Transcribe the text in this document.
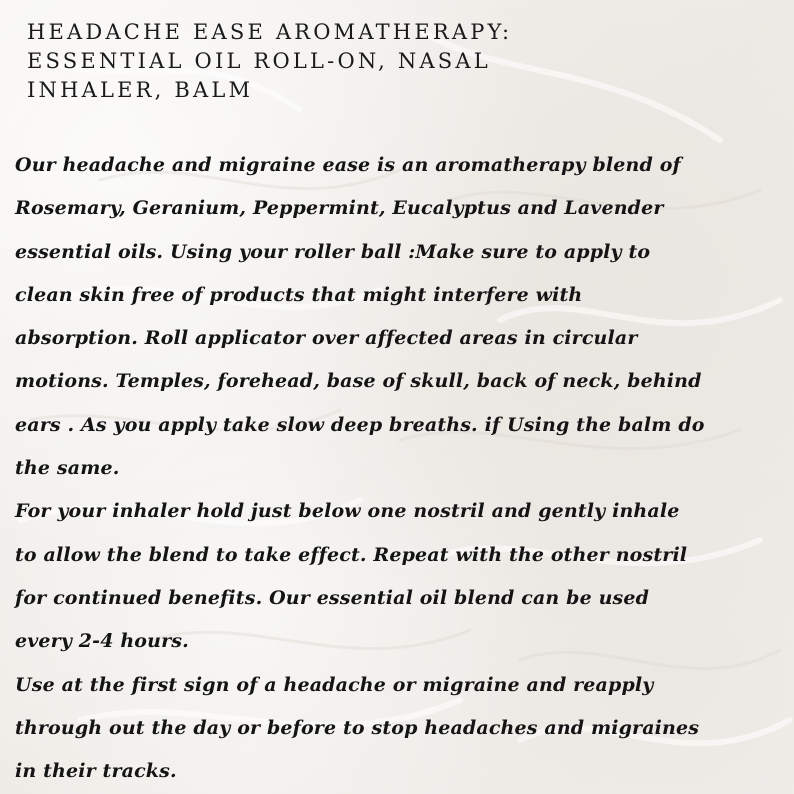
HEADACHE EASE AROMATHERAPY:
ESSENTIAL OIL ROLL-ON, NASAL
INHALER, BALM
Our headache and migraine ease is an aromatherapy blend of
Rosemary, Geranium, Peppermint, Eucalyptus and Lavender
essential oils. Using your roller ball :Make sure to apply to
clean skin free of products that might interfere with
absorption. Roll applicator over affected areas in circular
motions. Temples, forehead, base of skull, back of neck, behind
ears . As you apply take slow deep breaths. if Using the balm do
the same.
For your inhaler hold just below one nostril and gently inhale
to allow the blend to take effect. Repeat with the other nostril
for continued benefits. Our essential oil blend can be used
every 2-4 hours.
Use at the first sign of a headache or migraine and reapply
through out the day or before to stop headaches and migraines
in their tracks.
